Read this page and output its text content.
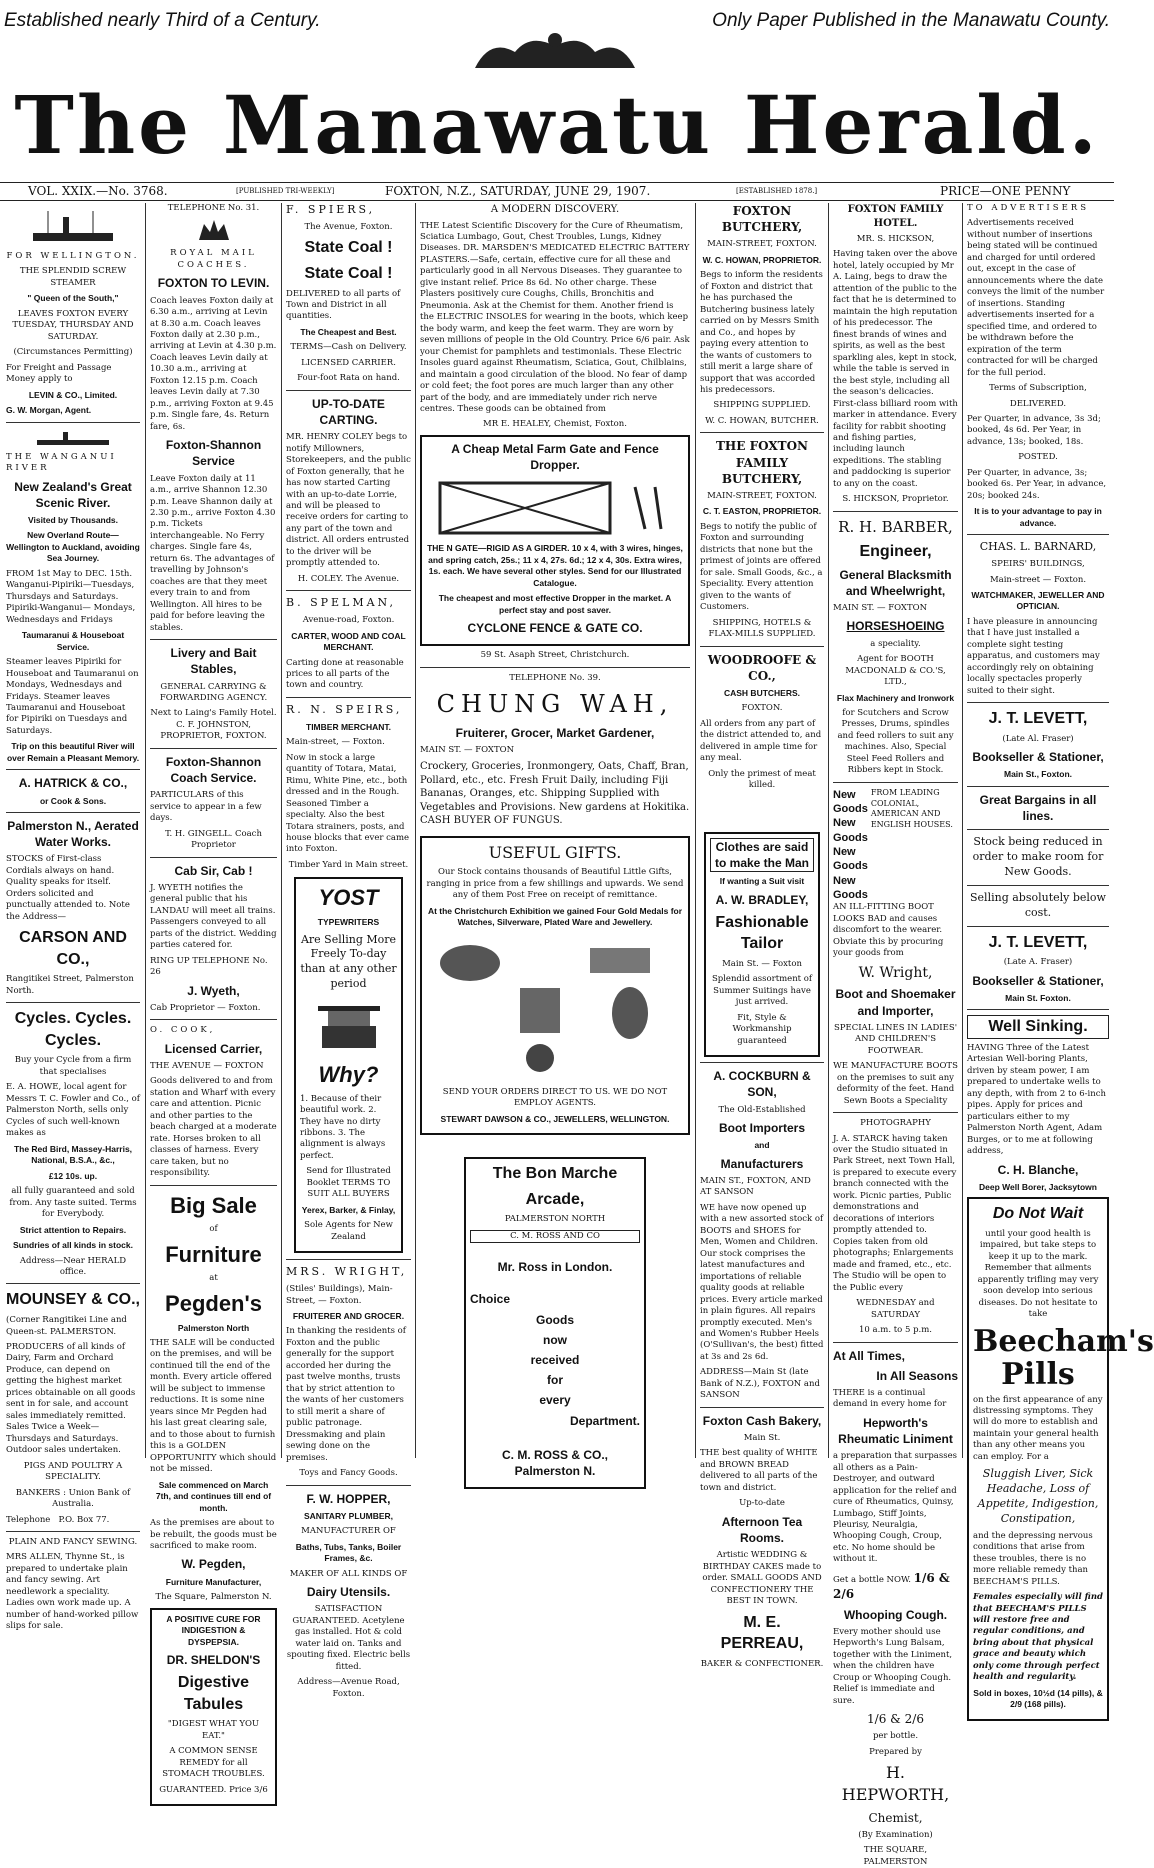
Established nearly Third of a Century.	Only Paper Published in the Manawatu County.
The Manawatu Herald.
VOL. XXIX.—No. 3768.	[PUBLISHED TRI-WEEKLY]	FOXTON, N.Z., SATURDAY, JUNE 29, 1907.	[ESTABLISHED 1878.]	PRICE—ONE PENNY

FOR WELLINGTON.

THE SPLENDID SCREW STEAMER

" Queen of the South,"

LEAVES FOXTON EVERY TUESDAY, THURSDAY AND SATURDAY.

(Circumstances Permitting)

For Freight and Passage Money apply to

LEVIN & CO., Limited.

G. W. Morgan, Agent.

THE WANGANUI RIVER

New Zealand's Great Scenic River.

Visited by Thousands.

New Overland Route—Wellington to Auckland, avoiding Sea Journey.

FROM 1st May to DEC. 15th. Wanganui-Pipiriki—Tuesdays, Thursdays and Saturdays. Pipiriki-Wanganui— Mondays, Wednesdays and Fridays

Taumaranui & Houseboat Service.

Steamer leaves Pipiriki for Houseboat and Taumaranui on Mondays, Wednesdays and Fridays. Steamer leaves Taumaranui and Houseboat for Pipiriki on Tuesdays and Saturdays.

Trip on this beautiful River will over Remain a Pleasant Memory.

A. HATRICK & CO.,

or Cook & Sons.

Palmerston N., Aerated Water Works.

STOCKS of First-class Cordials always on hand. Quality speaks for itself. Orders solicited and punctually attended to. Note the Address—

CARSON AND CO.,

Rangitikei Street, Palmerston North.

Cycles. Cycles. Cycles.

Buy your Cycle from a firm that specialises

E. A. HOWE, local agent for Messrs T. C. Fowler and Co., of Palmerston North, sells only Cycles of such well-known makes as

The Red Bird, Massey-Harris, National, B.S.A., &c.,

£12 10s. up.

all fully guaranteed and sold from. Any taste suited. Terms for Everybody.

Strict attention to Repairs.

Sundries of all kinds in stock.

Address—Near HERALD office.

MOUNSEY & CO.,

(Corner Rangitikei Line and Queen-st. PALMERSTON.

PRODUCERS of all kinds of Dairy, Farm and Orchard Produce, can depend on getting the highest market prices obtainable on all goods sent in for sale, and account sales immediately remitted. Sales Twice a Week—Thursdays and Saturdays. Outdoor sales undertaken.

PIGS AND POULTRY A SPECIALITY.

BANKERS : Union Bank of Australia.

Telephone P.O. Box 77.

PLAIN AND FANCY SEWING.

MRS ALLEN, Thynne St., is prepared to undertake plain and fancy sewing. Art needlework a speciality. Ladies own work made up. A number of hand-worked pillow slips for sale.

TELEPHONE No. 31.

ROYAL MAIL COACHES.

FOXTON TO LEVIN.

Coach leaves Foxton daily at 6.30 a.m., arriving at Levin at 8.30 a.m. Coach leaves Foxton daily at 2.30 p.m., arriving at Levin at 4.30 p.m. Coach leaves Levin daily at 10.30 a.m., arriving at Foxton 12.15 p.m. Coach leaves Levin daily at 7.30 p.m., arriving Foxton at 9.45 p.m. Single fare, 4s. Return fare, 6s.

Foxton-Shannon Service

Leave Foxton daily at 11 a.m., arrive Shannon 12.30 p.m. Leave Shannon daily at 2.30 p.m., arrive Foxton 4.30 p.m. Tickets interchangeable. No Ferry charges. Single fare 4s, return 6s. The advantages of travelling by Johnson's coaches are that they meet every train to and from Wellington. All hires to be paid for before leaving the stables.

Livery and Bait Stables,

GENERAL CARRYING & FORWARDING AGENCY.

Next to Laing's Family Hotel. C. F. JOHNSTON, PROPRIETOR, FOXTON.

Foxton-Shannon Coach Service.

PARTICULARS of this service to appear in a few days.

T. H. GINGELL. Coach Proprietor

Cab Sir, Cab !

J. WYETH notifies the general public that his LANDAU will meet all trains. Passengers conveyed to all parts of the district. Wedding parties catered for.

RING UP TELEPHONE No. 26

J. Wyeth,

Cab Proprietor — Foxton.

O. COOK,

Licensed Carrier,

THE AVENUE — FOXTON

Goods delivered to and from station and Wharf with every care and attention. Picnic and other parties to the beach charged at a moderate rate. Horses broken to all classes of harness. Every care taken, but no responsibility.

Big Sale

of

Furniture

at

Pegden's

Palmerston North

THE SALE will be conducted on the premises, and will be continued till the end of the month. Every article offered will be subject to immense reductions. It is some nine years since Mr Pegden had his last great clearing sale, and to those about to furnish this is a GOLDEN OPPORTUNITY which should not be missed.

Sale commenced on March 7th, and continues till end of month.

As the premises are about to be rebuilt, the goods must be sacrificed to make room.

W. Pegden,

Furniture Manufacturer,

The Square, Palmerston N.

A POSITIVE CURE FOR INDIGESTION & DYSPEPSIA.

DR. SHELDON'S

Digestive Tabules

"DIGEST WHAT YOU EAT."

A COMMON SENSE REMEDY for all STOMACH TROUBLES.

GUARANTEED. Price 3/6

F. SPIERS,

The Avenue, Foxton.

State Coal !

State Coal !

DELIVERED to all parts of Town and District in all quantities.

The Cheapest and Best.

TERMS—Cash on Delivery.

LICENSED CARRIER.

Four-foot Rata on hand.

UP-TO-DATE CARTING.

MR. HENRY COLEY begs to notify Millowners, Storekeepers, and the public of Foxton generally, that he has now started Carting with an up-to-date Lorrie, and will be pleased to receive orders for carting to any part of the town and district. All orders entrusted to the driver will be promptly attended to.

H. COLEY. The Avenue.

B. SPELMAN,

Avenue-road, Foxton.

CARTER, WOOD AND COAL MERCHANT.

Carting done at reasonable prices to all parts of the town and country.

R. N. SPEIRS,

TIMBER MERCHANT.

Main-street, — Foxton.

Now in stock a large quantity of Totara, Matai, Rimu, White Pine, etc., both dressed and in the Rough. Seasoned Timber a specialty. Also the best Totara strainers, posts, and house blocks that ever came into Foxton.

Timber Yard in Main street.

YOST

TYPEWRITERS

Are Selling More Freely To-day than at any other period

Why?

1. Because of their beautiful work. 2. They have no dirty ribbons. 3. The alignment is always perfect.

Send for Illustrated Booklet TERMS TO SUIT ALL BUYERS

Yerex, Barker, & Finlay,

Sole Agents for New Zealand

MRS. WRIGHT,

(Stiles' Buildings), Main-Street, — Foxton.

FRUITERER AND GROCER.

In thanking the residents of Foxton and the public generally for the support accorded her during the past twelve months, trusts that by strict attention to the wants of her customers to still merit a share of public patronage. Dressmaking and plain sewing done on the premises.

Toys and Fancy Goods.

F. W. HOPPER,

SANITARY PLUMBER,

MANUFACTURER OF

Baths, Tubs, Tanks, Boiler Frames, &c.

MAKER OF ALL KINDS OF

Dairy Utensils.

SATISFACTION GUARANTEED. Acetylene gas installed. Hot & cold water laid on. Tanks and spouting fixed. Electric bells fitted.

Address—Avenue Road, Foxton.

A MODERN DISCOVERY.

THE Latest Scientific Discovery for the Cure of Rheumatism, Sciatica Lumbago, Gout, Chest Troubles, Lungs, Kidney Diseases. DR. MARSDEN'S MEDICATED ELECTRIC BATTERY PLASTERS.—Safe, certain, effective cure for all these and particularly good in all Nervous Diseases. They guarantee to give instant relief. Price 8s 6d. No other charge. These Plasters positively cure Coughs, Chills, Bronchitis and Pneumonia. Ask at the Chemist for them. Another friend is the ELECTRIC INSOLES for wearing in the boots, which keep the body warm, and keep the feet warm. They are worn by seven millions of people in the Old Country. Price 6/6 pair. Ask your Chemist for pamphlets and testimonials. These Electric Insoles guard against Rheumatism, Sciatica, Gout, Chilblains, and maintain a good circulation of the blood. No fear of damp or cold feet; the foot pores are much larger than any other part of the body, and are immediately under rich nerve centres. These goods can be obtained from

MR E. HEALEY, Chemist, Foxton.

A Cheap Metal Farm Gate and Fence Dropper.

THE N GATE—RIGID AS A GIRDER. 10 x 4, with 3 wires, hinges, and spring catch, 25s.; 11 x 4, 27s. 6d.; 12 x 4, 30s. Extra wires, 1s. each. We have several other styles. Send for our Illustrated Catalogue.

The cheapest and most effective Dropper in the market. A perfect stay and post saver.

CYCLONE FENCE & GATE CO.

59 St. Asaph Street, Christchurch.

TELEPHONE No. 39.

CHUNG WAH,

Fruiterer, Grocer, Market Gardener,

MAIN ST. — FOXTON

Crockery, Groceries, Ironmongery, Oats, Chaff, Bran, Pollard, etc., etc. Fresh Fruit Daily, including Fiji Bananas, Oranges, etc. Shipping Supplied with Vegetables and Provisions. New gardens at Hokitika. CASH BUYER OF FUNGUS.

USEFUL GIFTS.

Our Stock contains thousands of Beautiful Little Gifts, ranging in price from a few shillings and upwards. We send any of them Post Free on receipt of remittance.

At the Christchurch Exhibition we gained Four Gold Medals for Watches, Silverware, Plated Ware and Jewellery.

SEND YOUR ORDERS DIRECT TO US. WE DO NOT EMPLOY AGENTS.

STEWART DAWSON & CO., JEWELLERS, WELLINGTON.

The Bon Marche

Arcade,

PALMERSTON NORTH

C. M. ROSS AND CO

Mr. Ross in London.

Choice

Goods

now

received

for

every

Department.

C. M. ROSS & CO., Palmerston N.

FOXTON BUTCHERY,

MAIN-STREET, FOXTON.

W. C. HOWAN, PROPRIETOR.

Begs to inform the residents of Foxton and district that he has purchased the Butchering business lately carried on by Messrs Smith and Co., and hopes by paying every attention to the wants of customers to still merit a large share of support that was accorded his predecessors.

SHIPPING SUPPLIED.

W. C. HOWAN, BUTCHER.

THE FOXTON FAMILY BUTCHERY,

MAIN-STREET, FOXTON.

C. T. EASTON, PROPRIETOR.

Begs to notify the public of Foxton and surrounding districts that none but the primest of joints are offered for sale. Small Goods, &c., a Speciality. Every attention given to the wants of Customers.

SHIPPING, HOTELS & FLAX-MILLS SUPPLIED.

WOODROOFE & CO.,

CASH BUTCHERS.

FOXTON.

All orders from any part of the district attended to, and delivered in ample time for any meal.

Only the primest of meat killed.

Clothes are said to make the Man

If wanting a Suit visit

A. W. BRADLEY,

Fashionable Tailor

Main St. — Foxton

Splendid assortment of Summer Suitings have just arrived.

Fit, Style & Workmanship guaranteed

A. COCKBURN & SON,

The Old-Established

Boot Importers

and

Manufacturers

MAIN ST., FOXTON, AND AT SANSON

WE have now opened up with a new assorted stock of BOOTS and SHOES for Men, Women and Children. Our stock comprises the latest manufactures and importations of reliable quality goods at reliable prices. Every article marked in plain figures. All repairs promptly executed. Men's and Women's Rubber Heels (O'Sullivan's, the best) fitted at 3s and 2s 6d.

ADDRESS—Main St (late Bank of N.Z.), FOXTON and SANSON

Foxton Cash Bakery,

Main St.

THE best quality of WHITE and BROWN BREAD delivered to all parts of the town and district.

Up-to-date

Afternoon Tea Rooms.

Artistic WEDDING & BIRTHDAY CAKES made to order. SMALL GOODS AND CONFECTIONERY THE BEST IN TOWN.

M. E. PERREAU,

BAKER & CONFECTIONER.

FOXTON FAMILY HOTEL.

MR. S. HICKSON,

Having taken over the above hotel, lately occupied by Mr A. Laing, begs to draw the attention of the public to the fact that he is determined to maintain the high reputation of his predecessor. The finest brands of wines and spirits, as well as the best sparkling ales, kept in stock, while the table is served in the best style, including all the season's delicacies. First-class billiard room with marker in attendance. Every facility for rabbit shooting and fishing parties, including launch expeditions. The stabling and paddocking is superior to any on the coast.

S. HICKSON, Proprietor.

R. H. BARBER,

Engineer,

General Blacksmith and Wheelwright,

MAIN ST. — FOXTON

HORSESHOEING

a speciality.

Agent for BOOTH MACDONALD & CO.'S, LTD.,

Flax Machinery and Ironwork

for Scutchers and Scrow Presses, Drums, spindles and feed rollers to suit any machines. Also, Special Steel Feed Rollers and Ribbers kept in Stock.

New Goods
New Goods
New Goods
New Goods
FROM LEADING COLONIAL, AMERICAN AND ENGLISH HOUSES.

AN ILL-FITTING BOOT LOOKS BAD and causes discomfort to the wearer. Obviate this by procuring your goods from

W. Wright,

Boot and Shoemaker and Importer,

SPECIAL LINES IN LADIES' AND CHILDREN'S FOOTWEAR.

WE MANUFACTURE BOOTS on the premises to suit any deformity of the feet. Hand Sewn Boots a Speciality

PHOTOGRAPHY

J. A. STARCK having taken over the Studio situated in Park Street, next Town Hall, is prepared to execute every branch connected with the work. Picnic parties, Public demonstrations and decorations of interiors promptly attended to. Copies taken from old photographs; Enlargements made and framed, etc., etc. The Studio will be open to the Public every

WEDNESDAY and SATURDAY

10 a.m. to 5 p.m.

At All Times,

In All Seasons

THERE is a continual demand in every home for

Hepworth's Rheumatic Liniment

a preparation that surpasses all others as a Pain-Destroyer, and outward application for the relief and cure of Rheumatics, Quinsy, Lumbago, Stiff Joints, Pleurisy, Neuralgia, Whooping Cough, Croup, etc. No home should be without it.

Get a bottle NOW. 1/6 & 2/6

Whooping Cough.

Every mother should use Hepworth's Lung Balsam, together with the Liniment, when the children have Croup or Whooping Cough. Relief is immediate and sure.

1/6 & 2/6

per bottle.

Prepared by

H. HEPWORTH,

Chemist,

(By Examination)

THE SQUARE, PALMERSTON

TO ADVERTISERS

Advertisements received without number of insertions being stated will be continued and charged for until ordered out, except in the case of announcements where the date conveys the limit of the number of insertions. Standing advertisements inserted for a specified time, and ordered to be withdrawn before the expiration of the term contracted for will be charged for the full period.

Terms of Subscription,

DELIVERED.

Per Quarter, in advance, 3s 3d; booked, 4s 6d. Per Year, in advance, 13s; booked, 18s.

POSTED.

Per Quarter, in advance, 3s; booked 6s. Per Year, in advance, 20s; booked 24s.

It is to your advantage to pay in advance.

CHAS. L. BARNARD,

SPEIRS' BUILDINGS,

Main-street — Foxton.

WATCHMAKER, JEWELLER AND OPTICIAN.

I have pleasure in announcing that I have just installed a complete sight testing apparatus, and customers may accordingly rely on obtaining locally spectacles properly suited to their sight.

J. T. LEVETT,

(Late Al. Fraser)

Bookseller & Stationer,

Main St., Foxton.

Great Bargains in all lines.

Stock being reduced in order to make room for New Goods.

Selling absolutely below cost.

J. T. LEVETT,

(Late A. Fraser)

Bookseller & Stationer,

Main St. Foxton.

Well Sinking.

HAVING Three of the Latest Artesian Well-boring Plants, driven by steam power, I am prepared to undertake wells to any depth, with from 2 to 6-inch pipes. Apply for prices and particulars either to my Palmerston North Agent, Adam Burges, or to me at following address,

C. H. Blanche,

Deep Well Borer, Jacksytown

Do Not Wait

until your good health is impaired, but take steps to keep it up to the mark. Remember that ailments apparently trifling may very soon develop into serious diseases. Do not hesitate to take

Beecham's Pills

on the first appearance of any distressing symptoms. They will do more to establish and maintain your general health than any other means you can employ. For a

Sluggish Liver, Sick Headache, Loss of Appetite, Indigestion, Constipation,

and the depressing nervous conditions that arise from these troubles, there is no more reliable remedy than BEECHAM'S PILLS.

Females especially will find that BEECHAM'S PILLS will restore free and regular conditions, and bring about that physical grace and beauty which only come through perfect health and regularity.

Sold in boxes, 10½d (14 pills), & 2/9 (168 pills).
